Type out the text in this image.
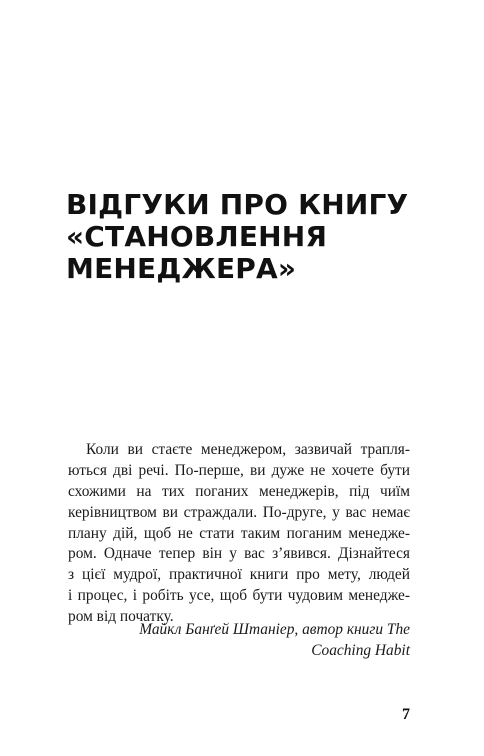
ВІДГУКИ ПРО КНИГУ
«СТАНОВЛЕННЯ
МЕНЕДЖЕРА»
Коли ви стаєте менеджером, зазвичай трапля-
ються дві речі. По-перше, ви дуже не хочете бути
схожими на тих поганих менеджерів, під чиїм
керівництвом ви страждали. По-друге, у вас немає
плану дій, щоб не стати таким поганим менедже-
ром. Одначе тепер він у вас з’явився. Дізнайтеся
з цієї мудрої, практичної книги про мету, людей
і процес, і робіть усе, щоб бути чудовим менедже-
ром від початку.
Майкл Банґей Штаніер, автор книги The
Coaching Habit
7
